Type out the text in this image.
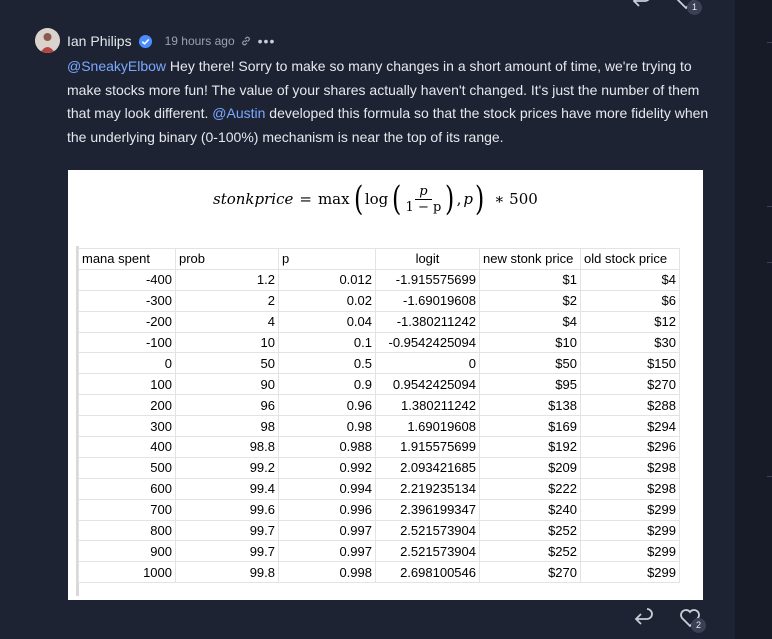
1
Ian Philips	19 hours ago •••
@SneakyElbow Hey there! Sorry to make so many changes in a short amount of time, we're trying to make stocks more fun! The value of your shares actually haven't changed. It's just the number of them that may look different. @Austin developed this formula so that the stock prices have more fidelity when the underlying binary (0-100%) mechanism is near the top of its range.
stonkprice = max ( log ( $\frac{p}{1 - p}$ ) , p ) ∗ 500
mana spent	prob	p	logit	new stonk price	old stock price
-400	1.2	0.012	-1.915575699	$1	$4
-300	2	0.02	-1.69019608	$2	$6
-200	4	0.04	-1.380211242	$4	$12
-100	10	0.1	-0.9542425094	$10	$30
0	50	0.5	0	$50	$150
100	90	0.9	0.9542425094	$95	$270
200	96	0.96	1.380211242	$138	$288
300	98	0.98	1.69019608	$169	$294
400	98.8	0.988	1.915575699	$192	$296
500	99.2	0.992	2.093421685	$209	$298
600	99.4	0.994	2.219235134	$222	$298
700	99.6	0.996	2.396199347	$240	$299
800	99.7	0.997	2.521573904	$252	$299
900	99.7	0.997	2.521573904	$252	$299
1000	99.8	0.998	2.698100546	$270	$299
2
